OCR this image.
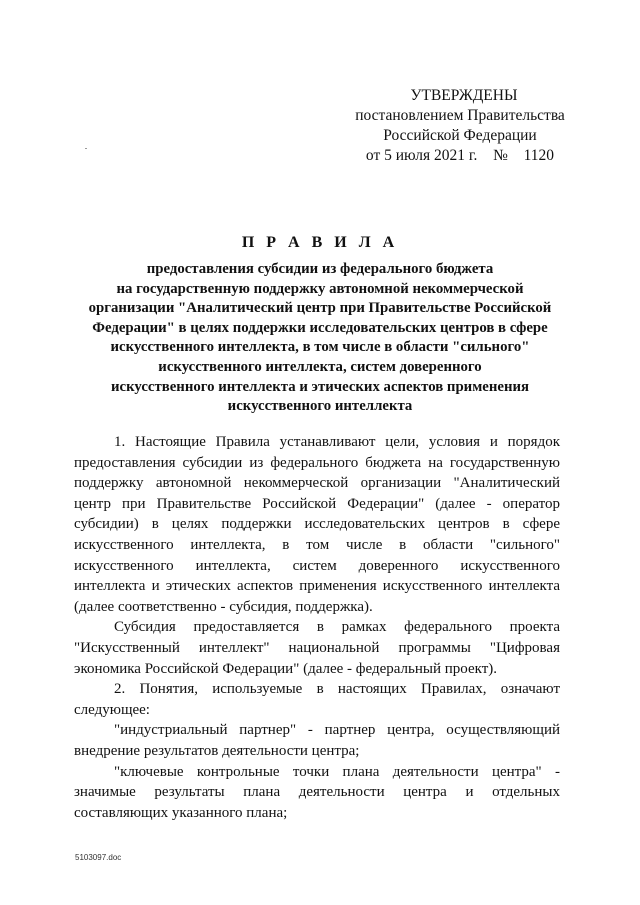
УТВЕРЖДЕНЫ
постановлением Правительства
Российской Федерации
от 5 июля 2021 г. № 1120
П Р А В И Л А
предоставления субсидии из федерального бюджета
на государственную поддержку автономной некоммерческой
организации "Аналитический центр при Правительстве Российской
Федерации" в целях поддержки исследовательских центров в сфере
искусственного интеллекта, в том числе в области "сильного"
искусственного интеллекта, систем доверенного
искусственного интеллекта и этических аспектов применения
искусственного интеллекта

1. Настоящие Правила устанавливают цели, условия и порядок предоставления субсидии из федерального бюджета на государственную поддержку автономной некоммерческой организации "Аналитический центр при Правительстве Российской Федерации" (далее - оператор субсидии) в целях поддержки исследовательских центров в сфере искусственного интеллекта, в том числе в области "сильного" искусственного интеллекта, систем доверенного искусственного интеллекта и этических аспектов применения искусственного интеллекта (далее соответственно - субсидия, поддержка).

Субсидия предоставляется в рамках федерального проекта "Искусственный интеллект" национальной программы "Цифровая экономика Российской Федерации" (далее - федеральный проект).

2. Понятия, используемые в настоящих Правилах, означают следующее:

"индустриальный партнер" - партнер центра, осуществляющий внедрение результатов деятельности центра;

"ключевые контрольные точки плана деятельности центра" - значимые результаты плана деятельности центра и отдельных составляющих указанного плана;

5103097.doc
